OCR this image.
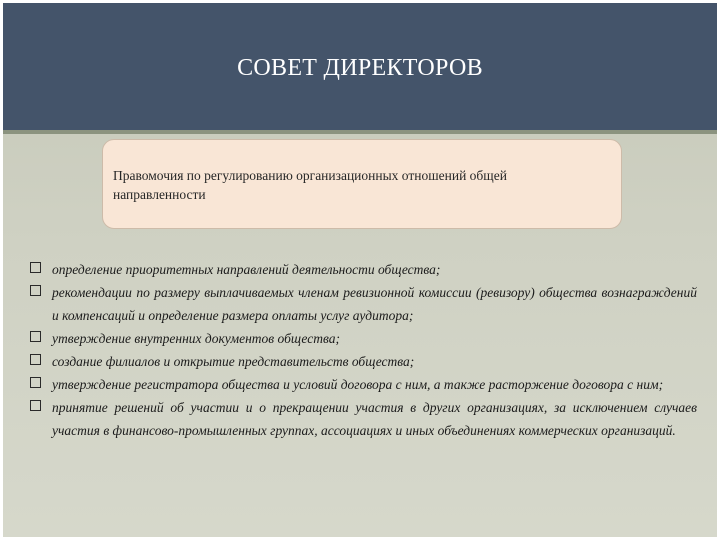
СОВЕТ ДИРЕКТОРОВ
Правомочия по регулированию организационных отношений общей направленности
определение приоритетных направлений деятельности общества;
рекомендации по размеру выплачиваемых членам ревизионной комиссии (ревизору) общества вознаграждений и компенсаций и определение размера оплаты услуг аудитора;
утверждение внутренних документов общества;
создание филиалов и открытие представительств общества;
утверждение регистратора общества и условий договора с ним, а также расторжение договора с ним;
принятие решений об участии и о прекращении участия в других организациях, за исключением случаев участия в финансово-промышленных группах, ассоциациях и иных объединениях коммерческих организаций.
